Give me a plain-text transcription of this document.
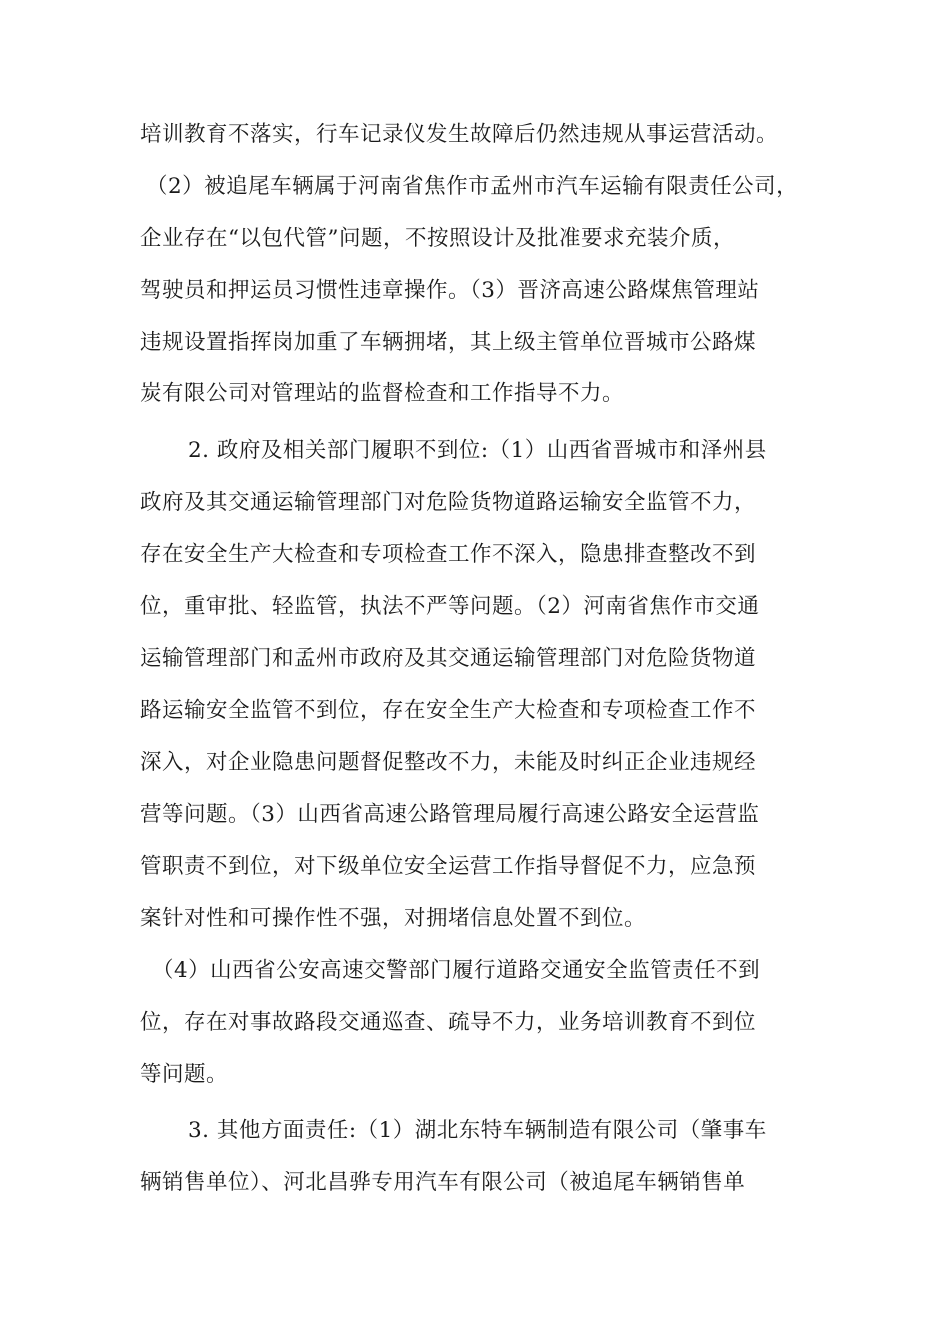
培训教育不落实，行车记录仪发生故障后仍然违规从事运营活动。
（2）被追尾车辆属于河南省焦作市孟州市汽车运输有限责任公司，
企业存在“以包代管”问题，不按照设计及批准要求充装介质，
驾驶员和押运员习惯性违章操作。（3）晋济高速公路煤焦管理站
违规设置指挥岗加重了车辆拥堵，其上级主管单位晋城市公路煤
炭有限公司对管理站的监督检查和工作指导不力。
2. 政府及相关部门履职不到位:（1）山西省晋城市和泽州县
政府及其交通运输管理部门对危险货物道路运输安全监管不力，
存在安全生产大检查和专项检查工作不深入，隐患排查整改不到
位，重审批、轻监管，执法不严等问题。（2）河南省焦作市交通
运输管理部门和孟州市政府及其交通运输管理部门对危险货物道
路运输安全监管不到位，存在安全生产大检查和专项检查工作不
深入，对企业隐患问题督促整改不力，未能及时纠正企业违规经
营等问题。（3）山西省高速公路管理局履行高速公路安全运营监
管职责不到位，对下级单位安全运营工作指导督促不力，应急预
案针对性和可操作性不强，对拥堵信息处置不到位。
（4）山西省公安高速交警部门履行道路交通安全监管责任不到
位，存在对事故路段交通巡查、疏导不力，业务培训教育不到位
等问题。
3. 其他方面责任:（1）湖北东特车辆制造有限公司（肇事车
辆销售单位）、河北昌骅专用汽车有限公司（被追尾车辆销售单
